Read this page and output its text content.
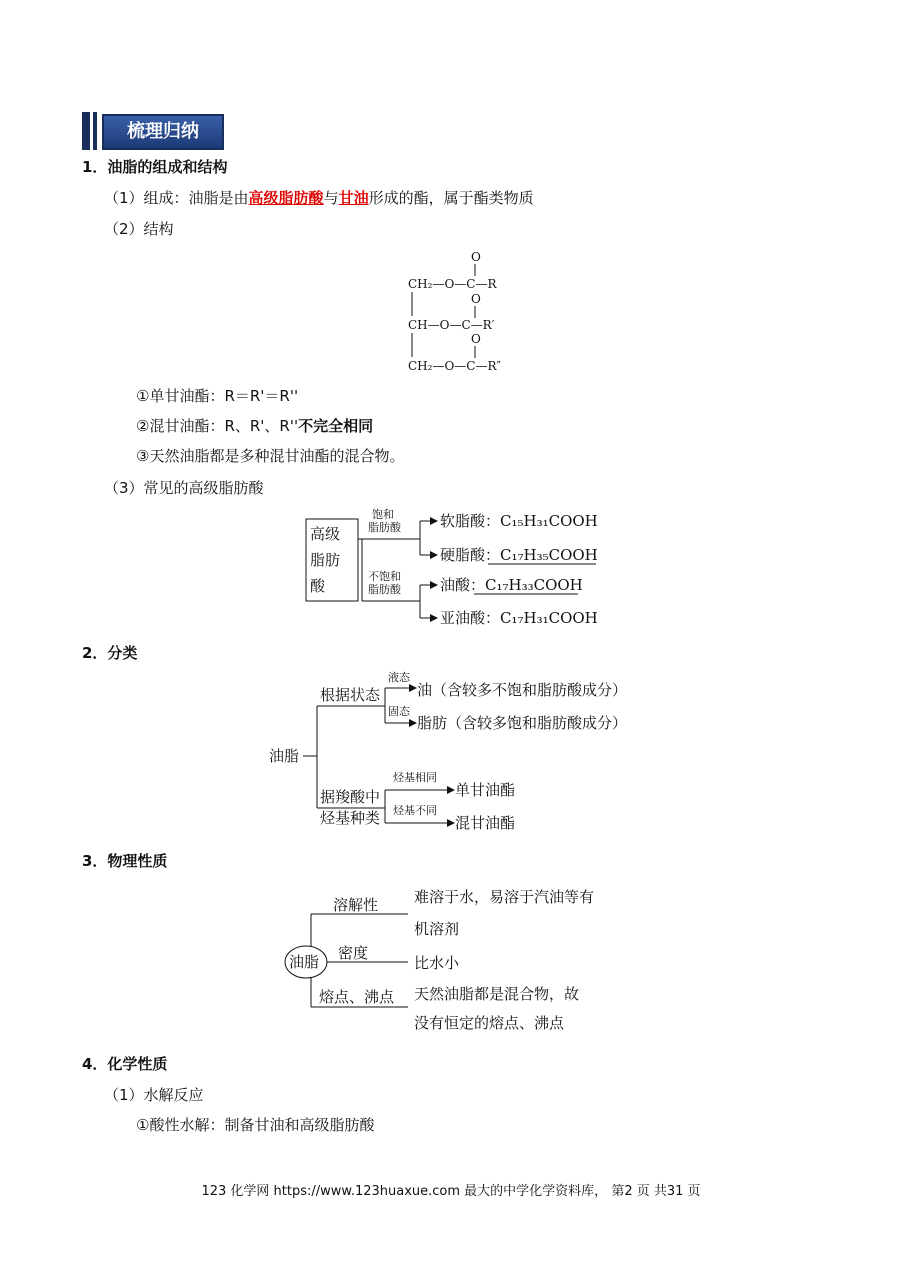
梳理归纳
1．油脂的组成和结构
（1）组成：油脂是由高级脂肪酸与甘油形成的酯，属于酯类物质
（2）结构
O
CH₂—O—C—R
O
CH—O—C—R′
O
CH₂—O—C—R″
①单甘油酯：R＝R'＝R''
②混甘油酯：R、R'、R''不完全相同
③天然油脂都是多种混甘油酯的混合物。
（3）常见的高级脂肪酸
高级
脂肪
酸
饱和
脂肪酸
不饱和
脂肪酸
软脂酸：C₁₅H₃₁COOH
硬脂酸：C₁₇H₃₅COOH
油酸：C₁₇H₃₃COOH
亚油酸：C₁₇H₃₁COOH
2．分类
油脂
根据状态
据羧酸中
烃基种类
油（含较多不饱和脂肪酸成分）
脂肪（含较多饱和脂肪酸成分）
单甘油酯
混甘油酯
液态
固态
烃基相同
烃基不同
3．物理性质
油脂
溶解性
密度
熔点、沸点
难溶于水，易溶于汽油等有
机溶剂
比水小
天然油脂都是混合物，故
没有恒定的熔点、沸点
4．化学性质
（1）水解反应
①酸性水解：制备甘油和高级脂肪酸
123 化学网 https://www.123huaxue.com 最大的中学化学资料库， 第2 页 共31 页
